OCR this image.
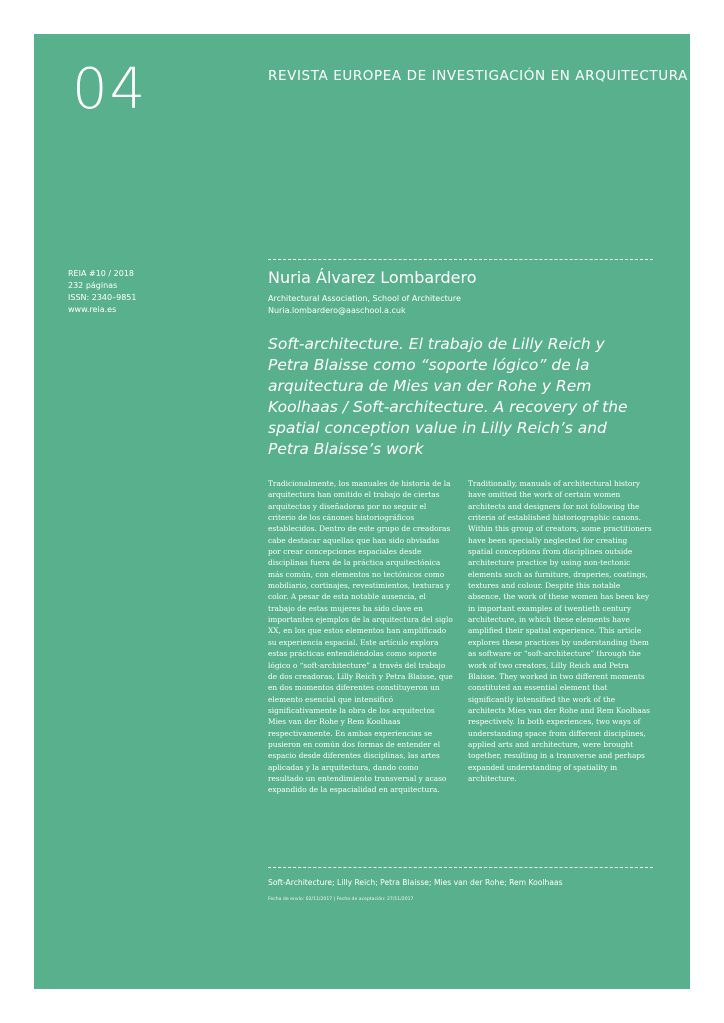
04	REVISTA EUROPEA DE INVESTIGACIÓN EN ARQUITECTURA
REIA #10 / 2018
232 páginas
ISSN: 2340–9851
www.reia.es
Nuria Álvarez Lombardero
Architectural Association, School of Architecture
Nuria.lombardero@aaschool.a.cuk
Soft-architecture. El trabajo de Lilly Reich y Petra Blaisse como “soporte lógico” de la arquitectura de Mies van der Rohe y Rem Koolhaas / Soft-architecture. A recovery of the spatial conception value in Lilly Reich’s and Petra Blaisse’s work
Tradicionalmente, los manuales de historia de la arquitectura han omitido el trabajo de ciertas arquitectas y diseñadoras por no seguir el criterio de los cánones historiográficos establecidos. Dentro de este grupo de creadoras cabe destacar aquellas que han sido obviadas por crear concepciones espaciales desde disciplinas fuera de la práctica arquitectónica más común, con elementos no tectónicos como mobiliario, cortinajes, revestimientos, texturas y color. A pesar de esta notable ausencia, el trabajo de estas mujeres ha sido clave en importantes ejemplos de la arquitectura del siglo XX, en los que estos elementos han amplificado su experiencia espacial. Este artículo explora estas prácticas entendiéndolas como soporte lógico o “soft-architecture” a través del trabajo de dos creadoras, Lilly Reich y Petra Blaisse, que en dos momentos diferentes constituyeron un elemento esencial que intensificó significativamente la obra de los arquitectos Mies van der Rohe y Rem Koolhaas respectivamente. En ambas experiencias se pusieron en común dos formas de entender el espacio desde diferentes disciplinas, las artes aplicadas y la arquitectura, dando como resultado un entendimiento transversal y acaso expandido de la espacialidad en arquitectura.
Traditionally, manuals of architectural history have omitted the work of certain women architects and designers for not following the criteria of established historiographic canons. Within this group of creators, some practitioners have been specially neglected for creating spatial conceptions from disciplines outside architecture practice by using non-tectonic elements such as furniture, draperies, coatings, textures and colour. Despite this notable absence, the work of these women has been key in important examples of twentieth century architecture, in which these elements have amplified their spatial experience. This article explores these practices by understanding them as software or “soft-architecture” through the work of two creators, Lilly Reich and Petra Blaisse. They worked in two different moments constituted an essential element that significantly intensified the work of the architects Mies van der Rohe and Rem Koolhaas respectively. In both experiences, two ways of understanding space from different disciplines, applied arts and architecture, were brought together, resulting in a transverse and perhaps expanded understanding of spatiality in architecture.
Soft-Architecture; Lilly Reich; Petra Blaisse; Mies van der Rohe; Rem Koolhaas
Fecha de envío: 02/11/2017 | Fecha de aceptación: 27/11/2017
